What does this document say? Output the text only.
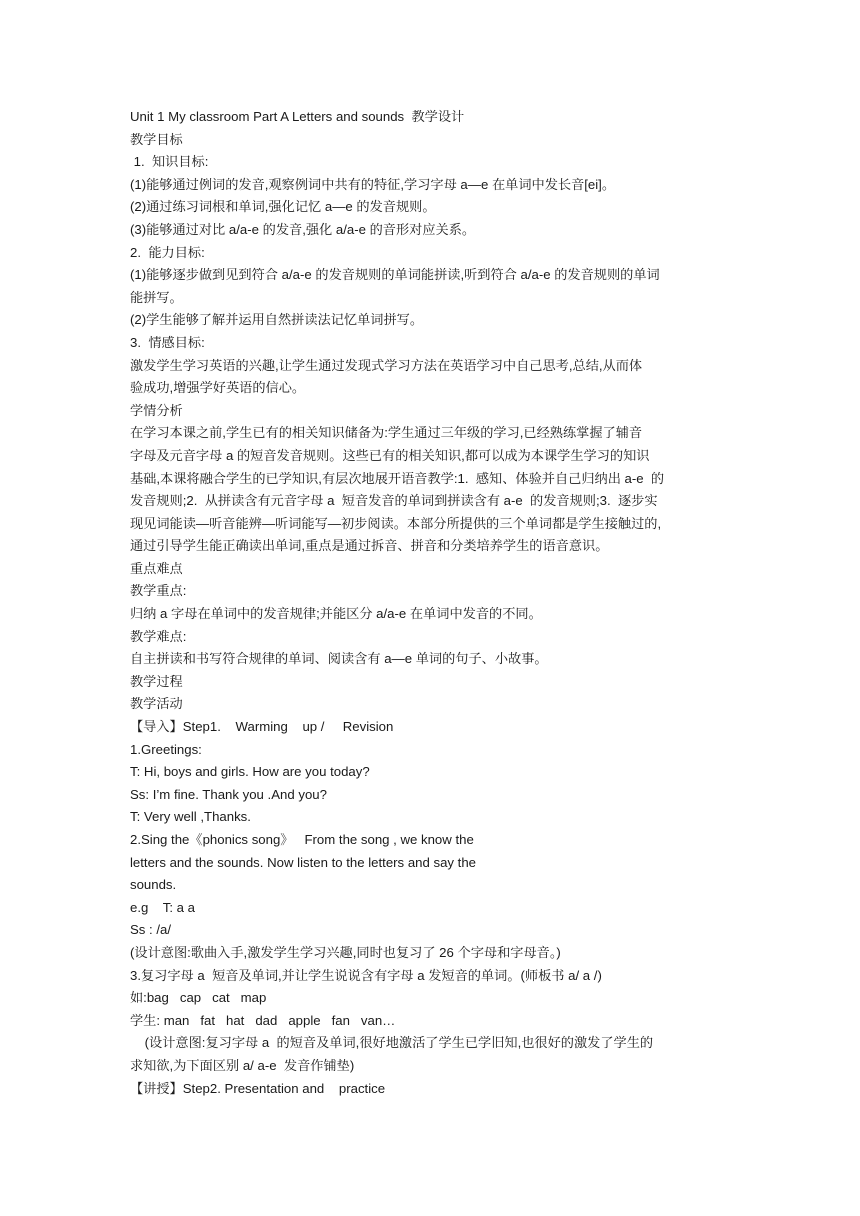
Unit 1 My classroom Part A Letters and sounds  教学设计
教学目标
1.  知识目标:
(1)能够通过例词的发音,观察例词中共有的特征,学习字母 a—e 在单词中发长音[ei]。
(2)通过练习词根和单词,强化记忆 a—e 的发音规则。
(3)能够通过对比 a/a-e 的发音,强化 a/a-e 的音形对应关系。
2.  能力目标:
(1)能够逐步做到见到符合 a/a-e 的发音规则的单词能拼读,听到符合 a/a-e 的发音规则的单词
能拼写。
(2)学生能够了解并运用自然拼读法记忆单词拼写。
3.  情感目标:
激发学生学习英语的兴趣,让学生通过发现式学习方法在英语学习中自己思考,总结,从而体
验成功,增强学好英语的信心。
学情分析
在学习本课之前,学生已有的相关知识储备为:学生通过三年级的学习,已经熟练掌握了辅音
字母及元音字母 a 的短音发音规则。这些已有的相关知识,都可以成为本课学生学习的知识
基础,本课将融合学生的已学知识,有层次地展开语音教学:1.  感知、体验并自己归纳出 a-e  的
发音规则;2.  从拼读含有元音字母 a  短音发音的单词到拼读含有 a-e  的发音规则;3.  逐步实
现见词能读—听音能辨—听词能写—初步阅读。本部分所提供的三个单词都是学生接触过的,
通过引导学生能正确读出单词,重点是通过拆音、拼音和分类培养学生的语音意识。
重点难点
教学重点:
归纳 a 字母在单词中的发音规律;并能区分 a/a-e 在单词中发音的不同。
教学难点:
自主拼读和书写符合规律的单词、阅读含有 a—e 单词的句子、小故事。
教学过程
教学活动
【导入】Step1.    Warming    up /     Revision
1.Greetings:
T: Hi, boys and girls. How are you today?
Ss: I’m fine. Thank you .And you?
T: Very well ,Thanks.
2.Sing the《phonics song》   From the song , we know the
letters and the sounds. Now listen to the letters and say the
sounds.
e.g    T: a a
Ss : /a/
(设计意图:歌曲入手,激发学生学习兴趣,同时也复习了 26 个字母和字母音。)
3.复习字母 a  短音及单词,并让学生说说含有字母 a 发短音的单词。(师板书 a/ a /)
如:bag   cap   cat   map
学生: man   fat   hat   dad   apple   fan   van…
(设计意图:复习字母 a  的短音及单词,很好地激活了学生已学旧知,也很好的激发了学生的
求知欲,为下面区别 a/ a-e  发音作铺垫)
【讲授】Step2. Presentation and    practice
